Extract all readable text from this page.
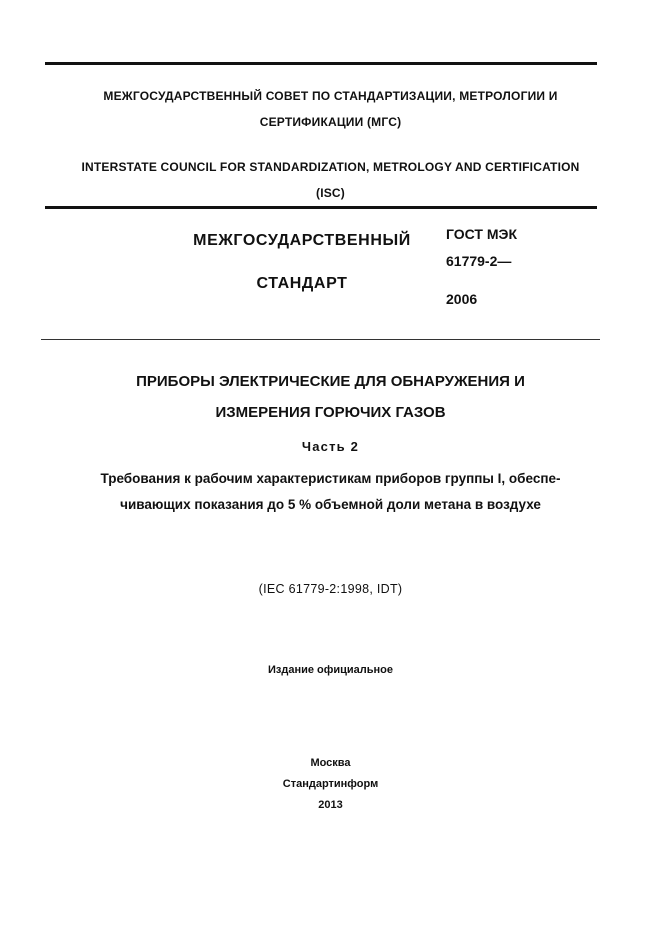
МЕЖГОСУДАРСТВЕННЫЙ СОВЕТ ПО СТАНДАРТИЗАЦИИ, МЕТРОЛОГИИ И
СЕРТИФИКАЦИИ (МГС)
INTERSTATE COUNCIL FOR STANDARDIZATION, METROLOGY AND CERTIFICATION
(ISC)
МЕЖГОСУДАРСТВЕННЫЙ
СТАНДАРТ
ГОСТ МЭК
61779-2—
2006
ПРИБОРЫ ЭЛЕКТРИЧЕСКИЕ ДЛЯ ОБНАРУЖЕНИЯ И
ИЗМЕРЕНИЯ ГОРЮЧИХ ГАЗОВ
Часть 2
Требования к рабочим характеристикам приборов группы I, обеспе-
чивающих показания до 5 % объемной доли метана в воздухе
(IEC 61779-2:1998, IDT)
Издание официальное
Москва
Стандартинформ
2013
